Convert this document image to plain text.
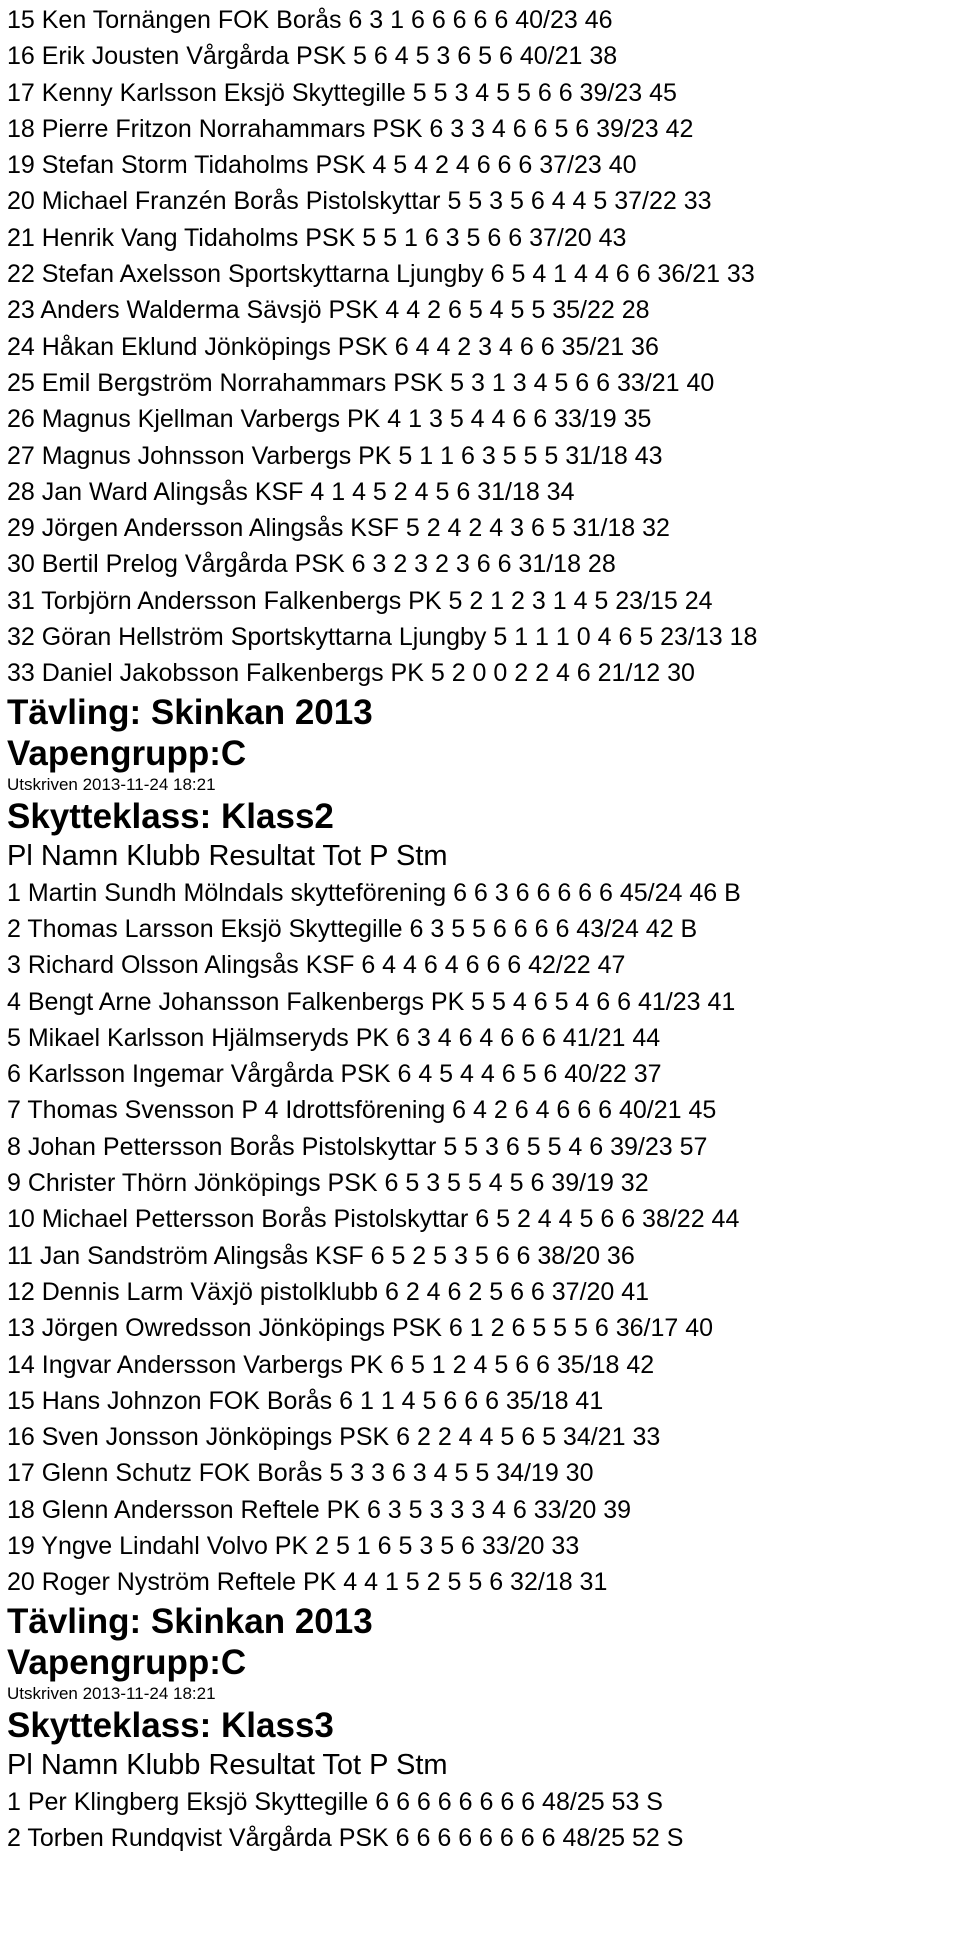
15 Ken Tornängen FOK Borås 6 3 1 6 6 6 6 6 40/23 46
16 Erik Jousten Vårgårda PSK 5 6 4 5 3 6 5 6 40/21 38
17 Kenny Karlsson Eksjö Skyttegille 5 5 3 4 5 5 6 6 39/23 45
18 Pierre Fritzon Norrahammars PSK 6 3 3 4 6 6 5 6 39/23 42
19 Stefan Storm Tidaholms PSK 4 5 4 2 4 6 6 6 37/23 40
20 Michael Franzén Borås Pistolskyttar 5 5 3 5 6 4 4 5 37/22 33
21 Henrik Vang Tidaholms PSK 5 5 1 6 3 5 6 6 37/20 43
22 Stefan Axelsson Sportskyttarna Ljungby 6 5 4 1 4 4 6 6 36/21 33
23 Anders Walderma Sävsjö PSK 4 4 2 6 5 4 5 5 35/22 28
24 Håkan Eklund Jönköpings PSK 6 4 4 2 3 4 6 6 35/21 36
25 Emil Bergström Norrahammars PSK 5 3 1 3 4 5 6 6 33/21 40
26 Magnus Kjellman Varbergs PK 4 1 3 5 4 4 6 6 33/19 35
27 Magnus Johnsson Varbergs PK 5 1 1 6 3 5 5 5 31/18 43
28 Jan Ward Alingsås KSF 4 1 4 5 2 4 5 6 31/18 34
29 Jörgen Andersson Alingsås KSF 5 2 4 2 4 3 6 5 31/18 32
30 Bertil Prelog Vårgårda PSK 6 3 2 3 2 3 6 6 31/18 28
31 Torbjörn Andersson Falkenbergs PK 5 2 1 2 3 1 4 5 23/15 24
32 Göran Hellström Sportskyttarna Ljungby 5 1 1 1 0 4 6 5 23/13 18
33 Daniel Jakobsson Falkenbergs PK 5 2 0 0 2 2 4 6 21/12 30
Tävling: Skinkan 2013
Vapengrupp:C
Utskriven 2013-11-24 18:21
Skytteklass: Klass2
Pl Namn Klubb Resultat Tot P Stm
1 Martin Sundh Mölndals skytteförening 6 6 3 6 6 6 6 6 45/24 46 B
2 Thomas Larsson Eksjö Skyttegille 6 3 5 5 6 6 6 6 43/24 42 B
3 Richard Olsson Alingsås KSF 6 4 4 6 4 6 6 6 42/22 47
4 Bengt Arne Johansson Falkenbergs PK 5 5 4 6 5 4 6 6 41/23 41
5 Mikael Karlsson Hjälmseryds PK 6 3 4 6 4 6 6 6 41/21 44
6 Karlsson Ingemar Vårgårda PSK 6 4 5 4 4 6 5 6 40/22 37
7 Thomas Svensson P 4 Idrottsförening 6 4 2 6 4 6 6 6 40/21 45
8 Johan Pettersson Borås Pistolskyttar 5 5 3 6 5 5 4 6 39/23 57
9 Christer Thörn Jönköpings PSK 6 5 3 5 5 4 5 6 39/19 32
10 Michael Pettersson Borås Pistolskyttar 6 5 2 4 4 5 6 6 38/22 44
11 Jan Sandström Alingsås KSF 6 5 2 5 3 5 6 6 38/20 36
12 Dennis Larm Växjö pistolklubb 6 2 4 6 2 5 6 6 37/20 41
13 Jörgen Owredsson Jönköpings PSK 6 1 2 6 5 5 5 6 36/17 40
14 Ingvar Andersson Varbergs PK 6 5 1 2 4 5 6 6 35/18 42
15 Hans Johnzon FOK Borås 6 1 1 4 5 6 6 6 35/18 41
16 Sven Jonsson Jönköpings PSK 6 2 2 4 4 5 6 5 34/21 33
17 Glenn Schutz FOK Borås 5 3 3 6 3 4 5 5 34/19 30
18 Glenn Andersson Reftele PK 6 3 5 3 3 3 4 6 33/20 39
19 Yngve Lindahl Volvo PK 2 5 1 6 5 3 5 6 33/20 33
20 Roger Nyström Reftele PK 4 4 1 5 2 5 5 6 32/18 31
Tävling: Skinkan 2013
Vapengrupp:C
Utskriven 2013-11-24 18:21
Skytteklass: Klass3
Pl Namn Klubb Resultat Tot P Stm
1 Per Klingberg Eksjö Skyttegille 6 6 6 6 6 6 6 6 48/25 53 S
2 Torben Rundqvist Vårgårda PSK 6 6 6 6 6 6 6 6 48/25 52 S
